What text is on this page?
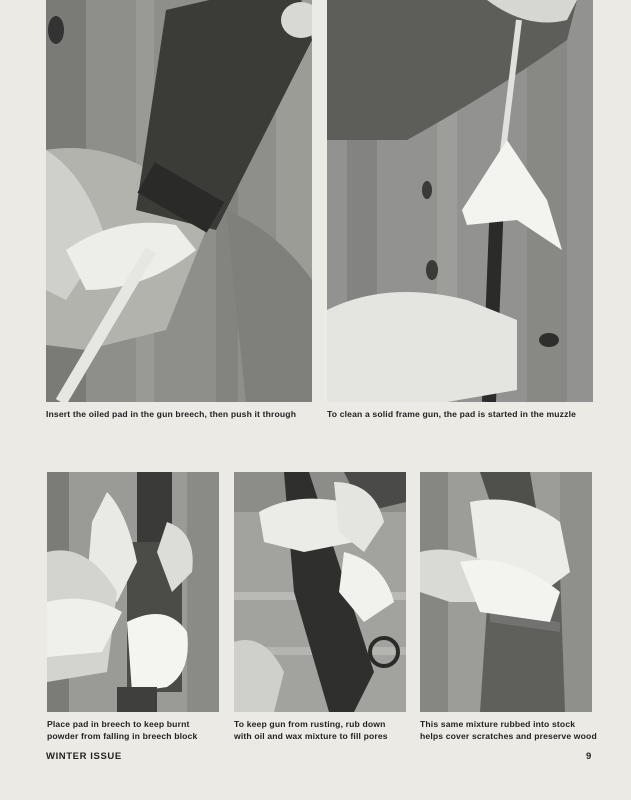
Insert the oiled pad in the gun breech, then push it through	To clean a solid frame gun, the pad is started in the muzzle
Place pad in breech to keep burnt
powder from falling in breech block
To keep gun from rusting, rub down
with oil and wax mixture to fill pores
This same mixture rubbed into stock
helps cover scratches and preserve wood
WINTER ISSUE	9
